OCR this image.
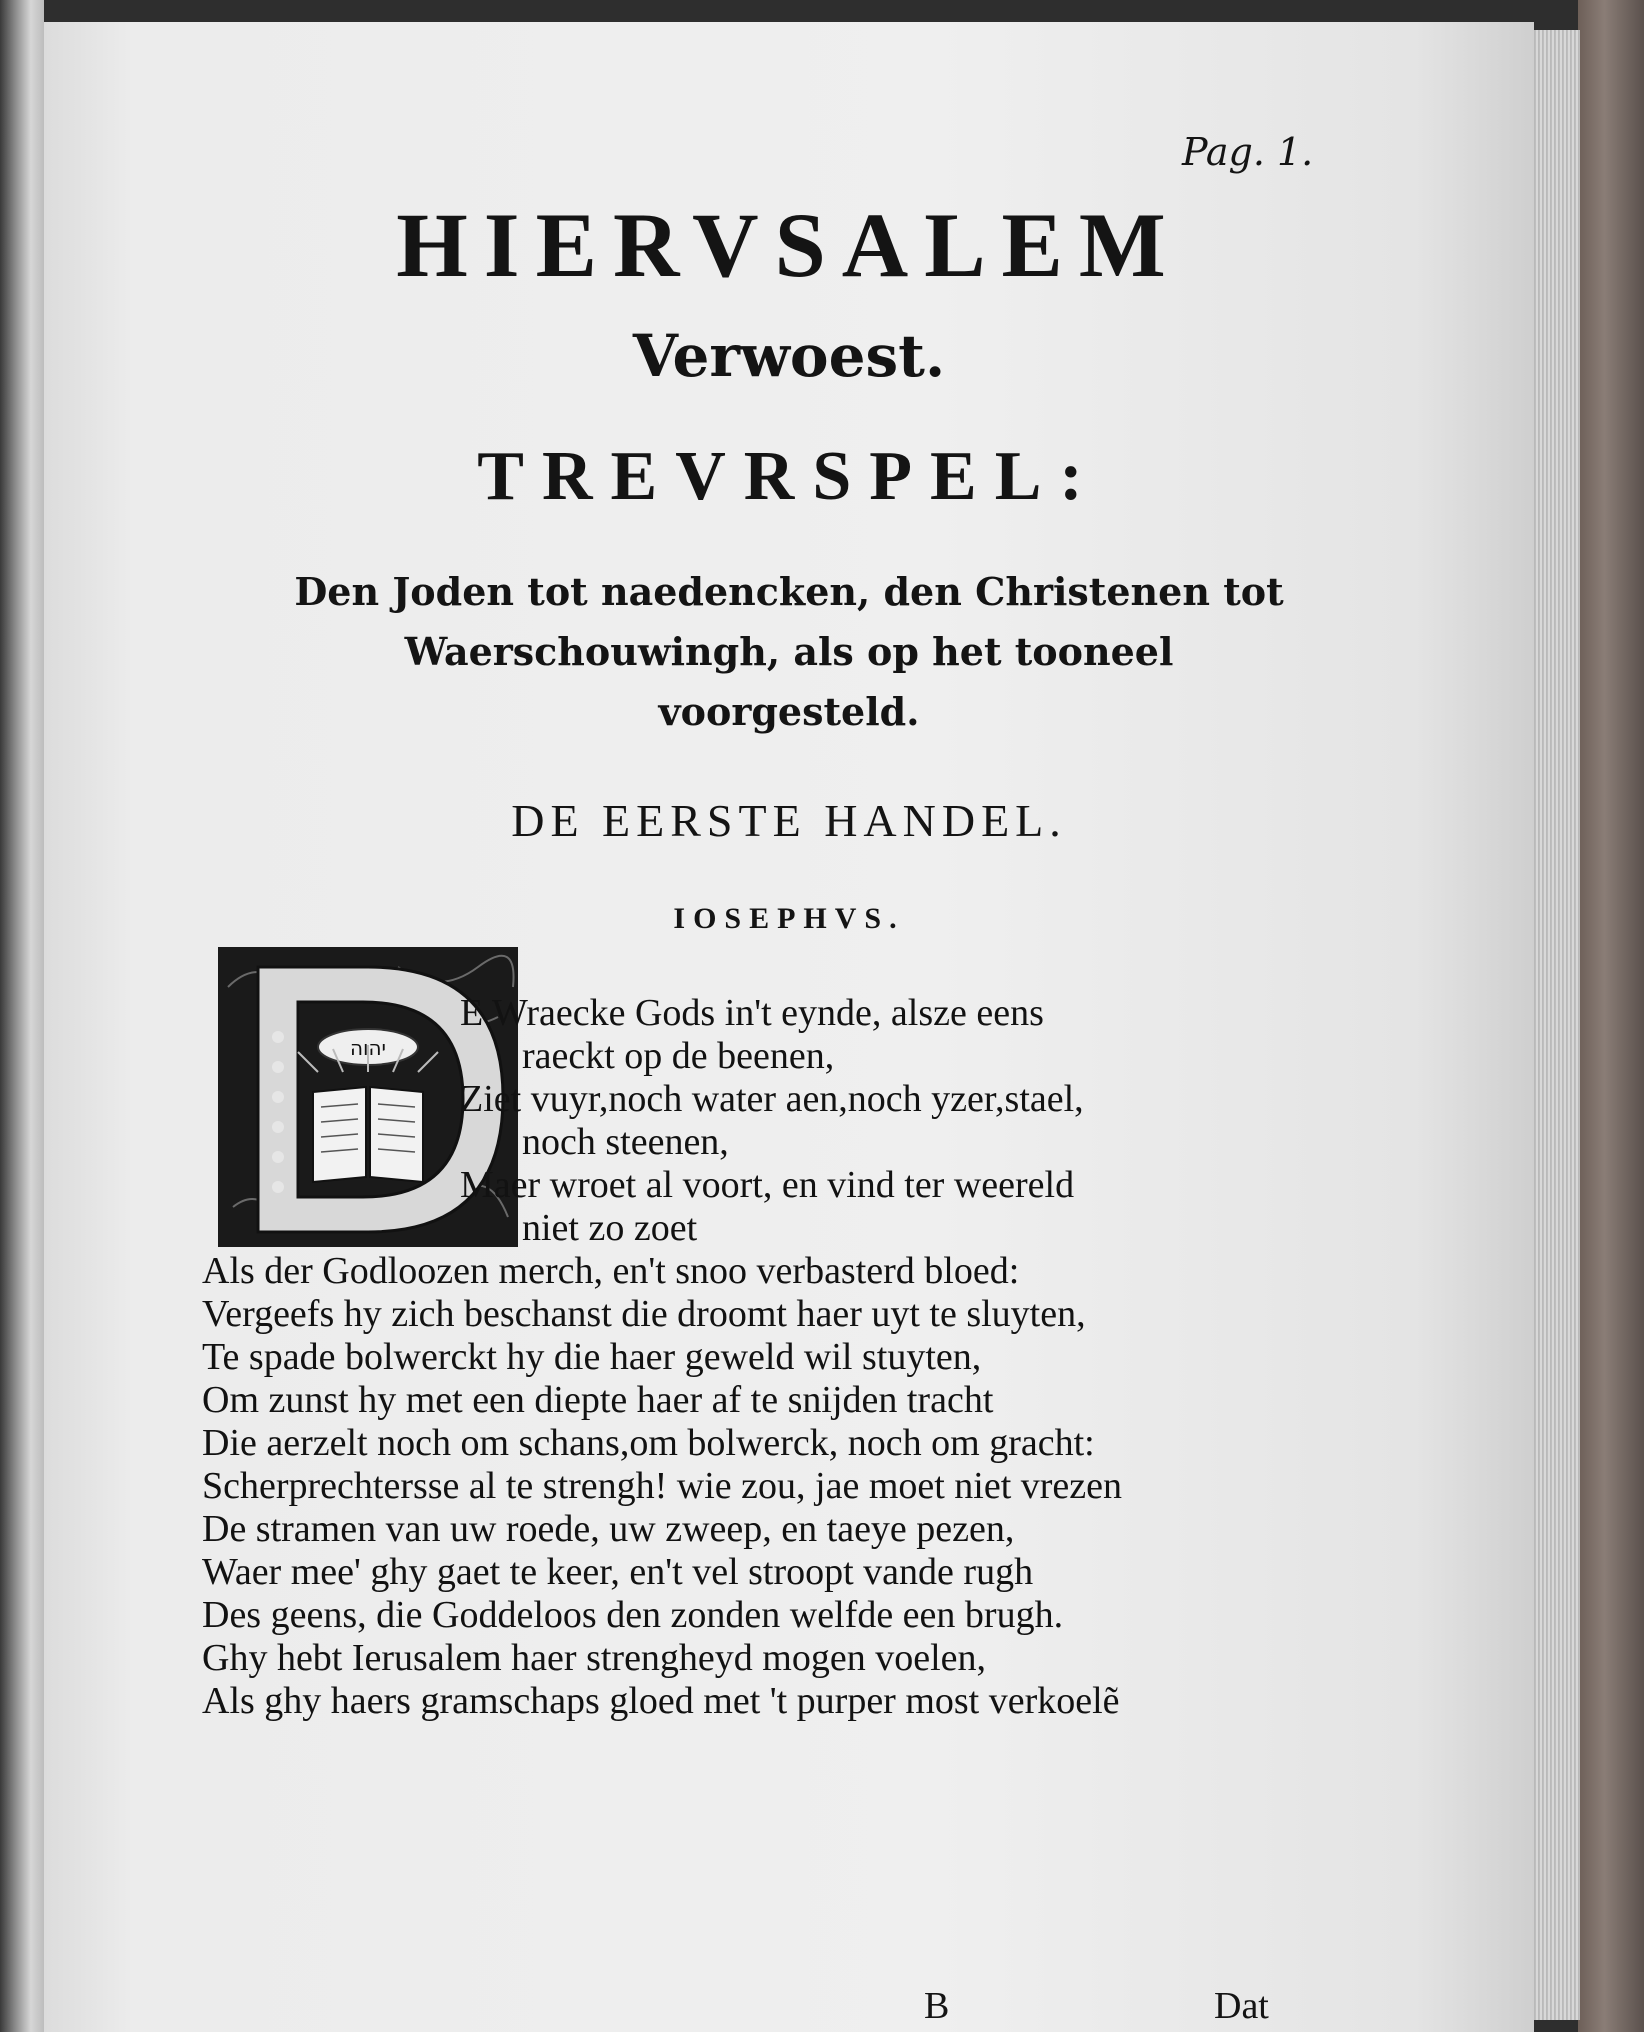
Pag. 1.
HIERVSALEM
Verwoest.
TREVRSPEL:
Den Joden tot naedencken, den Christenen tot
Waerschouwingh, als op het tooneel
voorgesteld.
DE EERSTE HANDEL.
IOSEPHVS.
יהוה
E Wraecke Gods in't eynde, alsze eens
raeckt op de beenen,
Ziet vuyr,noch water aen,noch yzer,stael,
noch steenen,
Maer wroet al voort, en vind ter weereld
niet zo zoet
Als der Godloozen merch, en't snoo verbasterd bloed:
Vergeefs hy zich beschanst die droomt haer uyt te sluyten,
Te spade bolwerckt hy die haer geweld wil stuyten,
Om zunst hy met een diepte haer af te snijden tracht
Die aerzelt noch om schans,om bolwerck, noch om gracht:
Scherprechtersse al te strengh! wie zou, jae moet niet vrezen
De stramen van uw roede, uw zweep, en taeye pezen,
Waer mee' ghy gaet te keer, en't vel stroopt vande rugh
Des geens, die Goddeloos den zonden welfde een brugh.
Ghy hebt Ierusalem haer strengheyd mogen voelen,
Als ghy haers gramschaps gloed met 't purper most verkoelẽ
B	Dat
